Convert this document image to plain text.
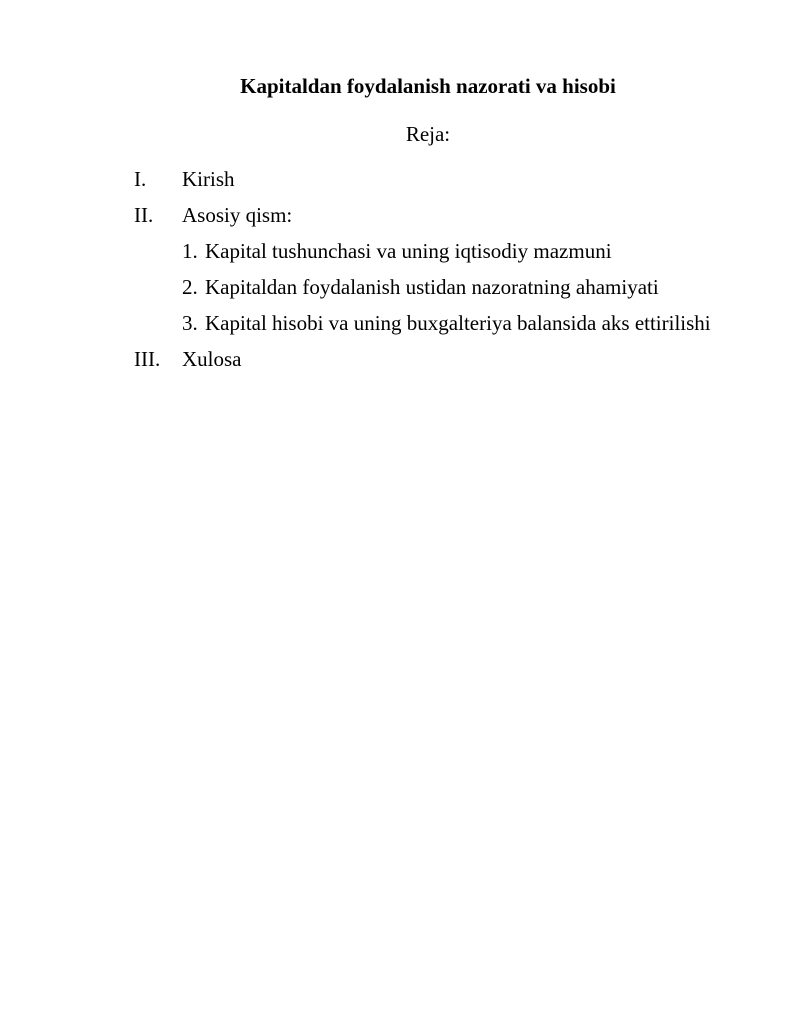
Kapitaldan foydalanish nazorati va hisobi

Reja:

I. Kirish
II. Asosiy qism:
1. Kapital tushunchasi va uning iqtisodiy mazmuni
2. Kapitaldan foydalanish ustidan nazoratning ahamiyati
3. Kapital hisobi va uning buxgalteriya balansida aks ettirilishi
III. Xulosa
